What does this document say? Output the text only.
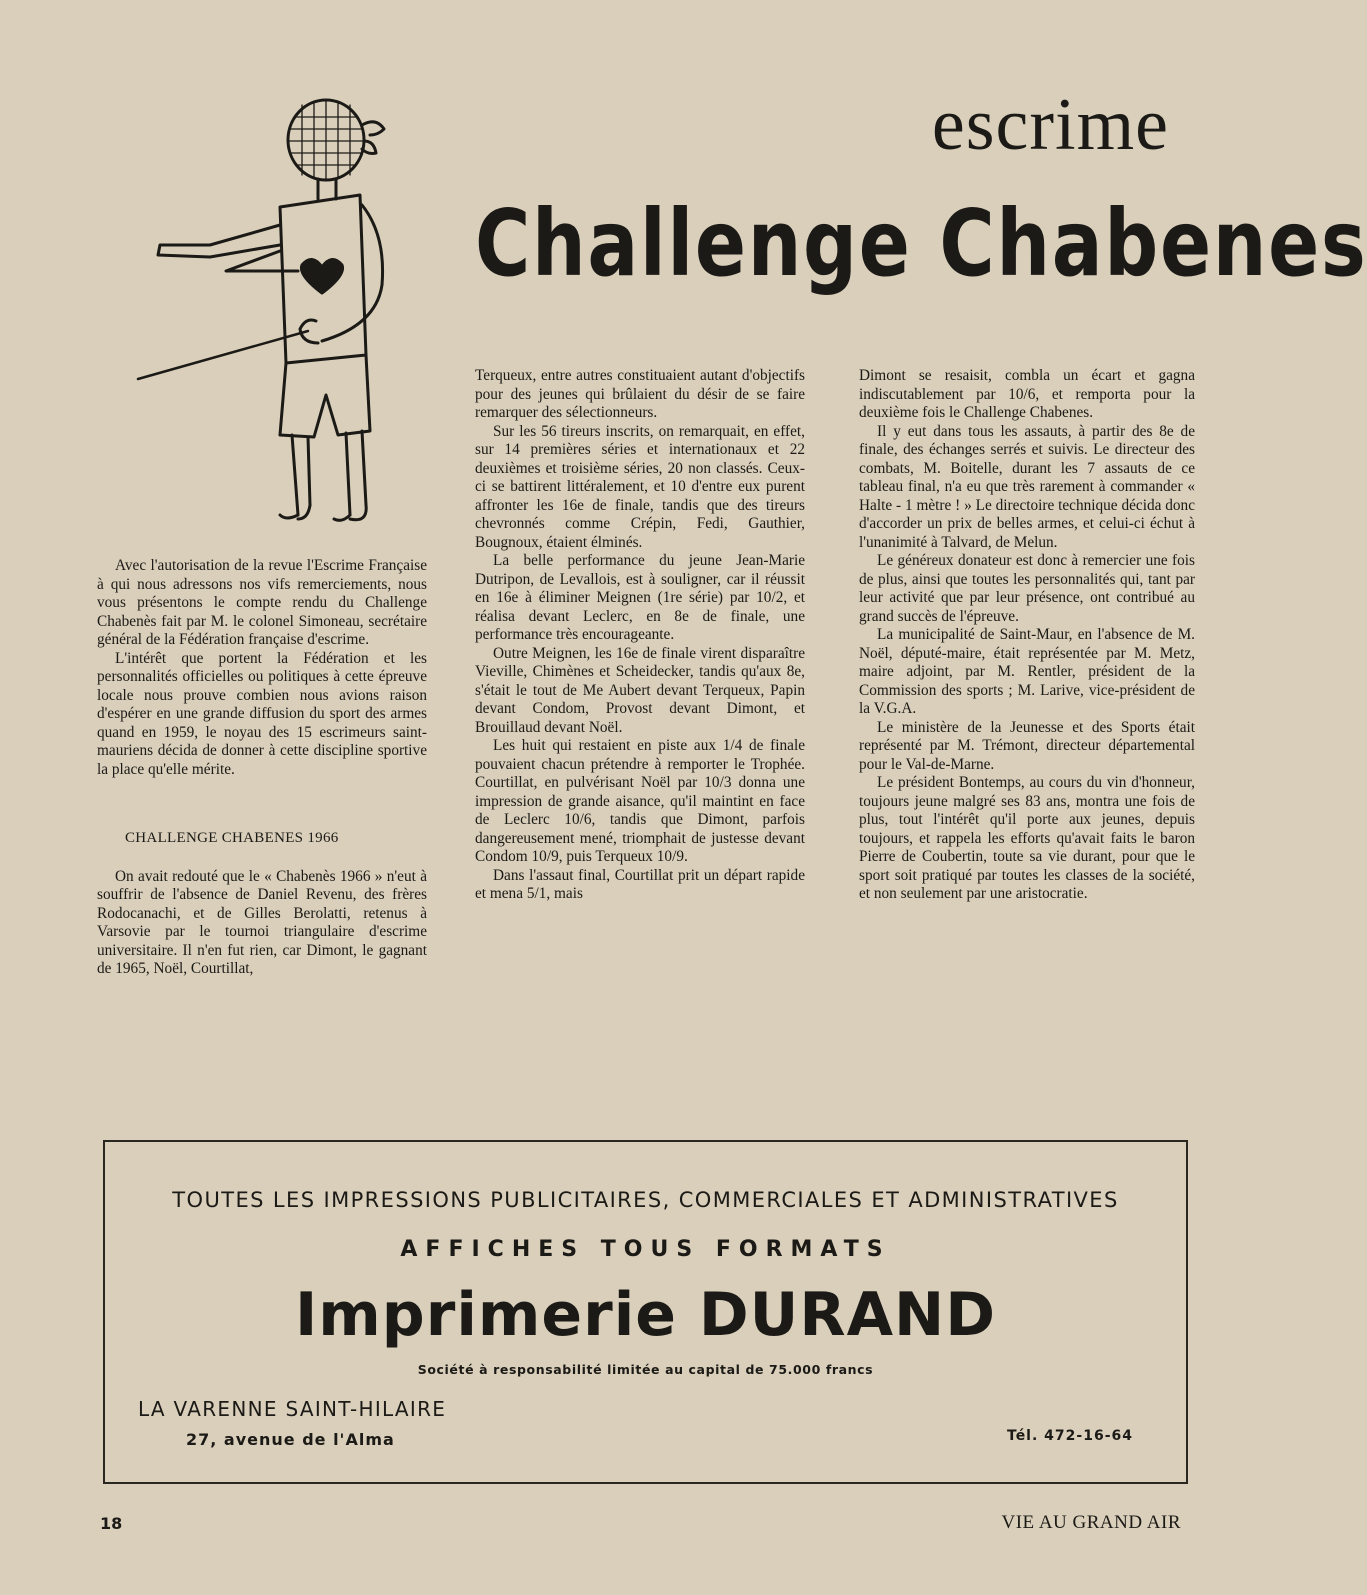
escrime
Challenge Chabenes

Avec l'autorisation de la revue l'Escrime Française à qui nous adressons nos vifs remerciements, nous vous présentons le compte rendu du Challenge Chabenès fait par M. le colonel Simoneau, secrétaire général de la Fédération française d'escrime.

L'intérêt que portent la Fédération et les personnalités officielles ou politiques à cette épreuve locale nous prouve combien nous avions raison d'espérer en une grande diffusion du sport des armes quand en 1959, le noyau des 15 escrimeurs saint-mauriens décida de donner à cette discipline sportive la place qu'elle mérite.

CHALLENGE CHABENES 1966

On avait redouté que le « Chabenès 1966 » n'eut à souffrir de l'absence de Daniel Revenu, des frères Rodocanachi, et de Gilles Berolatti, retenus à Varsovie par le tournoi triangulaire d'escrime universitaire. Il n'en fut rien, car Dimont, le gagnant de 1965, Noël, Courtillat,

Terqueux, entre autres constituaient autant d'objectifs pour des jeunes qui brûlaient du désir de se faire remarquer des sélectionneurs.

Sur les 56 tireurs inscrits, on remarquait, en effet, sur 14 premières séries et internationaux et 22 deuxièmes et troisième séries, 20 non classés. Ceux-ci se battirent littéralement, et 10 d'entre eux purent affronter les 16e de finale, tandis que des tireurs chevronnés comme Crépin, Fedi, Gauthier, Bougnoux, étaient élminés.

La belle performance du jeune Jean-Marie Dutripon, de Levallois, est à souligner, car il réussit en 16e à éliminer Meignen (1re série) par 10/2, et réalisa devant Leclerc, en 8e de finale, une performance très encourageante.

Outre Meignen, les 16e de finale virent disparaître Vieville, Chimènes et Scheidecker, tandis qu'aux 8e, s'était le tout de Me Aubert devant Terqueux, Papin devant Condom, Provost devant Dimont, et Brouillaud devant Noël.

Les huit qui restaient en piste aux 1/4 de finale pouvaient chacun prétendre à remporter le Trophée. Courtillat, en pulvérisant Noël par 10/3 donna une impression de grande aisance, qu'il maintint en face de Leclerc 10/6, tandis que Dimont, parfois dangereusement mené, triomphait de justesse devant Condom 10/9, puis Terqueux 10/9.

Dans l'assaut final, Courtillat prit un départ rapide et mena 5/1, mais

Dimont se resaisit, combla un écart et gagna indiscutablement par 10/6, et remporta pour la deuxième fois le Challenge Chabenes.

Il y eut dans tous les assauts, à partir des 8e de finale, des échanges serrés et suivis. Le directeur des combats, M. Boitelle, durant les 7 assauts de ce tableau final, n'a eu que très rarement à commander « Halte - 1 mètre ! » Le directoire technique décida donc d'accorder un prix de belles armes, et celui-ci échut à l'unanimité à Talvard, de Melun.

Le généreux donateur est donc à remercier une fois de plus, ainsi que toutes les personnalités qui, tant par leur activité que par leur présence, ont contribué au grand succès de l'épreuve.

La municipalité de Saint-Maur, en l'absence de M. Noël, député-maire, était représentée par M. Metz, maire adjoint, par M. Rentler, président de la Commission des sports ; M. Larive, vice-président de la V.G.A.

Le ministère de la Jeunesse et des Sports était représenté par M. Trémont, directeur départemental pour le Val-de-Marne.

Le président Bontemps, au cours du vin d'honneur, toujours jeune malgré ses 83 ans, montra une fois de plus, tout l'intérêt qu'il porte aux jeunes, depuis toujours, et rappela les efforts qu'avait faits le baron Pierre de Coubertin, toute sa vie durant, pour que le sport soit pratiqué par toutes les classes de la société, et non seulement par une aristocratie.

TOUTES LES IMPRESSIONS PUBLICITAIRES, COMMERCIALES ET ADMINISTRATIVES
AFFICHES TOUS FORMATS
Imprimerie DURAND
Société à responsabilité limitée au capital de 75.000 francs
LA VARENNE SAINT-HILAIRE
27, avenue de l'Alma	Tél. 472-16-64
18	VIE AU GRAND AIR
